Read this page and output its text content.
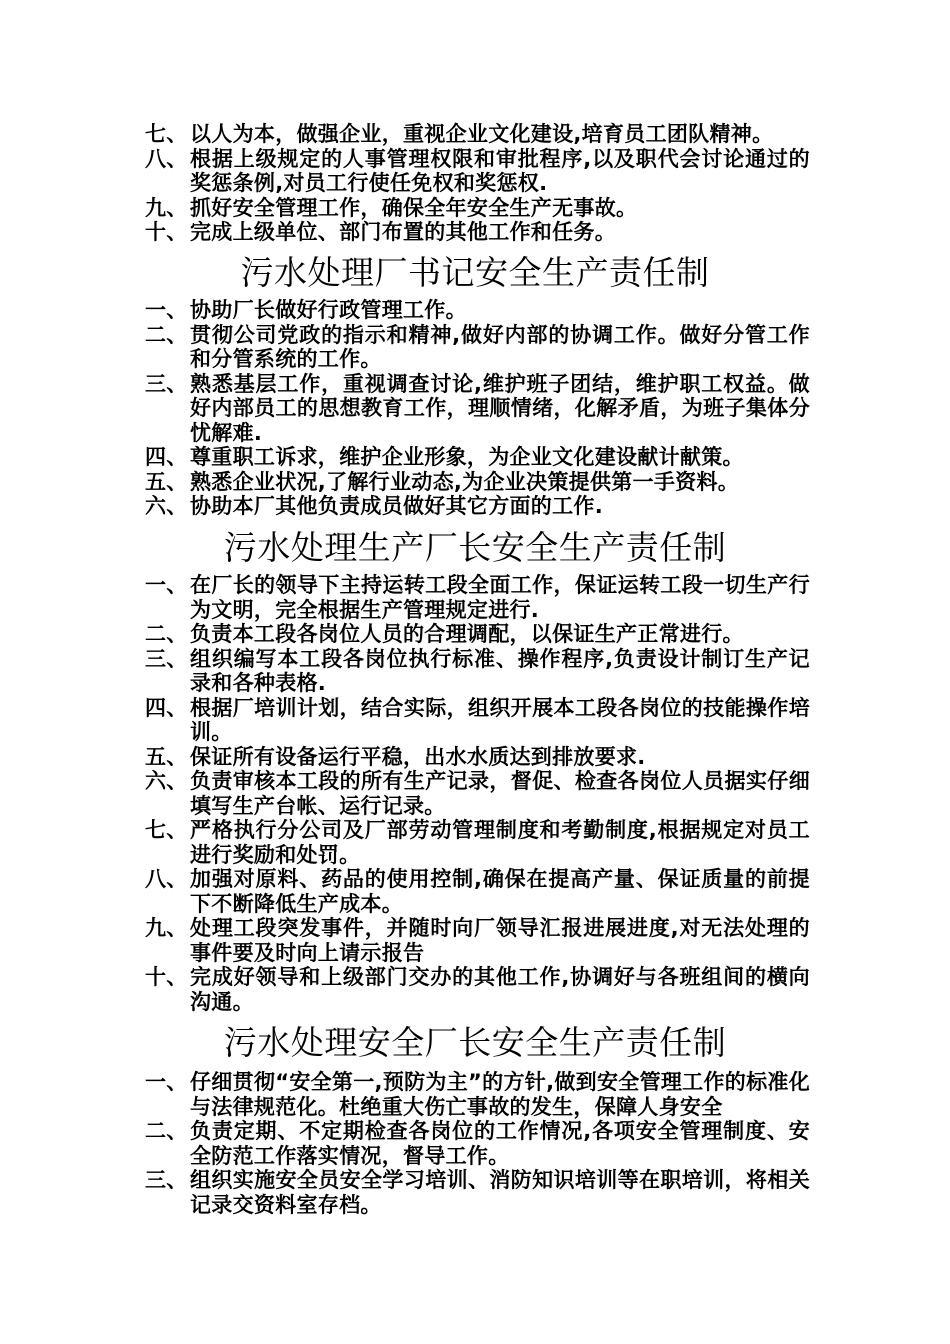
七、 以人为本，做强企业，重视企业文化建设,培育员工团队精神。
八、 根据上级规定的人事管理权限和审批程序,以及职代会讨论通过的奖惩条例,对员工行使任免权和奖惩权.
九、 抓好安全管理工作，确保全年安全生产无事故。
十、 完成上级单位、部门布置的其他工作和任务。
污水处理厂书记安全生产责任制
一、 协助厂长做好行政管理工作。
二、 贯彻公司党政的指示和精神,做好内部的协调工作。做好分管工作和分管系统的工作。
三、 熟悉基层工作，重视调查讨论,维护班子团结，维护职工权益。做好内部员工的思想教育工作，理顺情绪，化解矛盾，为班子集体分忧解难.
四、 尊重职工诉求，维护企业形象，为企业文化建设献计献策。
五、 熟悉企业状况,了解行业动态,为企业决策提供第一手资料。
六、 协助本厂其他负责成员做好其它方面的工作.
污水处理生产厂长安全生产责任制
一、 在厂长的领导下主持运转工段全面工作，保证运转工段一切生产行为文明，完全根据生产管理规定进行.
二、 负责本工段各岗位人员的合理调配，以保证生产正常进行。
三、 组织编写本工段各岗位执行标准、操作程序,负责设计制订生产记录和各种表格.
四、 根据厂培训计划，结合实际，组织开展本工段各岗位的技能操作培训。
五、 保证所有设备运行平稳，出水水质达到排放要求.
六、 负责审核本工段的所有生产记录，督促、检查各岗位人员据实仔细填写生产台帐、运行记录。
七、 严格执行分公司及厂部劳动管理制度和考勤制度,根据规定对员工进行奖励和处罚。
八、 加强对原料、药品的使用控制,确保在提高产量、保证质量的前提下不断降低生产成本。
九、 处理工段突发事件，并随时向厂领导汇报进展进度,对无法处理的事件要及时向上请示报告
十、 完成好领导和上级部门交办的其他工作,协调好与各班组间的横向沟通。
污水处理安全厂长安全生产责任制
一、 仔细贯彻“安全第一,预防为主”的方针,做到安全管理工作的标准化与法律规范化。杜绝重大伤亡事故的发生，保障人身安全
二、 负责定期、不定期检查各岗位的工作情况,各项安全管理制度、安全防范工作落实情况，督导工作。
三、 组织实施安全员安全学习培训、消防知识培训等在职培训，将相关记录交资料室存档。
